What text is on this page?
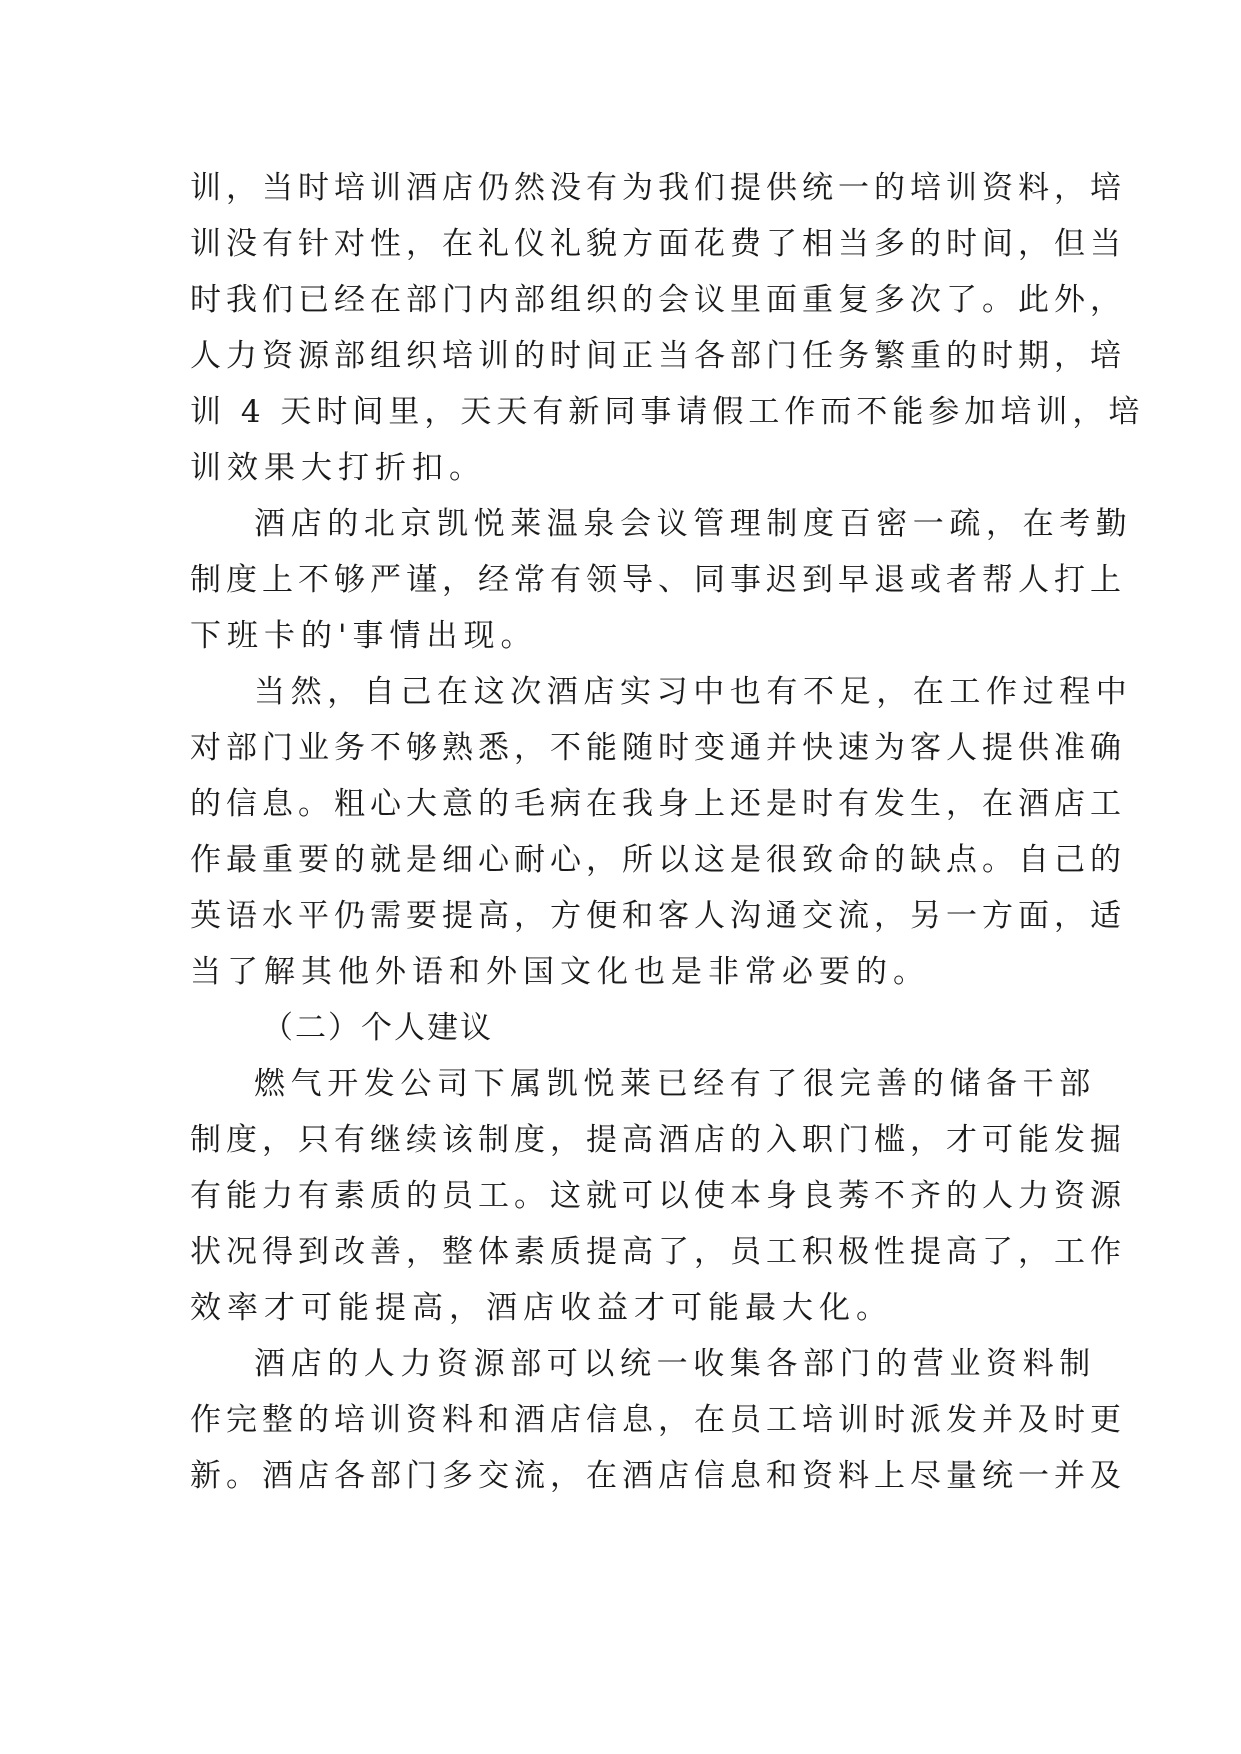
训，当时培训酒店仍然没有为我们提供统一的培训资料，培

训没有针对性，在礼仪礼貌方面花费了相当多的时间，但当

时我们已经在部门内部组织的会议里面重复多次了。此外，

人力资源部组织培训的时间正当各部门任务繁重的时期，培

训 4 天时间里，天天有新同事请假工作而不能参加培训，培

训效果大打折扣。

酒店的北京凯悦莱温泉会议管理制度百密一疏，在考勤

制度上不够严谨，经常有领导、同事迟到早退或者帮人打上

下班卡的'事情出现。

当然，自己在这次酒店实习中也有不足，在工作过程中

对部门业务不够熟悉，不能随时变通并快速为客人提供准确

的信息。粗心大意的毛病在我身上还是时有发生，在酒店工

作最重要的就是细心耐心，所以这是很致命的缺点。自己的

英语水平仍需要提高，方便和客人沟通交流，另一方面，适

当了解其他外语和外国文化也是非常必要的。

（二）个人建议

燃气开发公司下属凯悦莱已经有了很完善的储备干部

制度，只有继续该制度，提高酒店的入职门槛，才可能发掘

有能力有素质的员工。这就可以使本身良莠不齐的人力资源

状况得到改善，整体素质提高了，员工积极性提高了，工作

效率才可能提高，酒店收益才可能最大化。

酒店的人力资源部可以统一收集各部门的营业资料制

作完整的培训资料和酒店信息，在员工培训时派发并及时更

新。酒店各部门多交流，在酒店信息和资料上尽量统一并及
